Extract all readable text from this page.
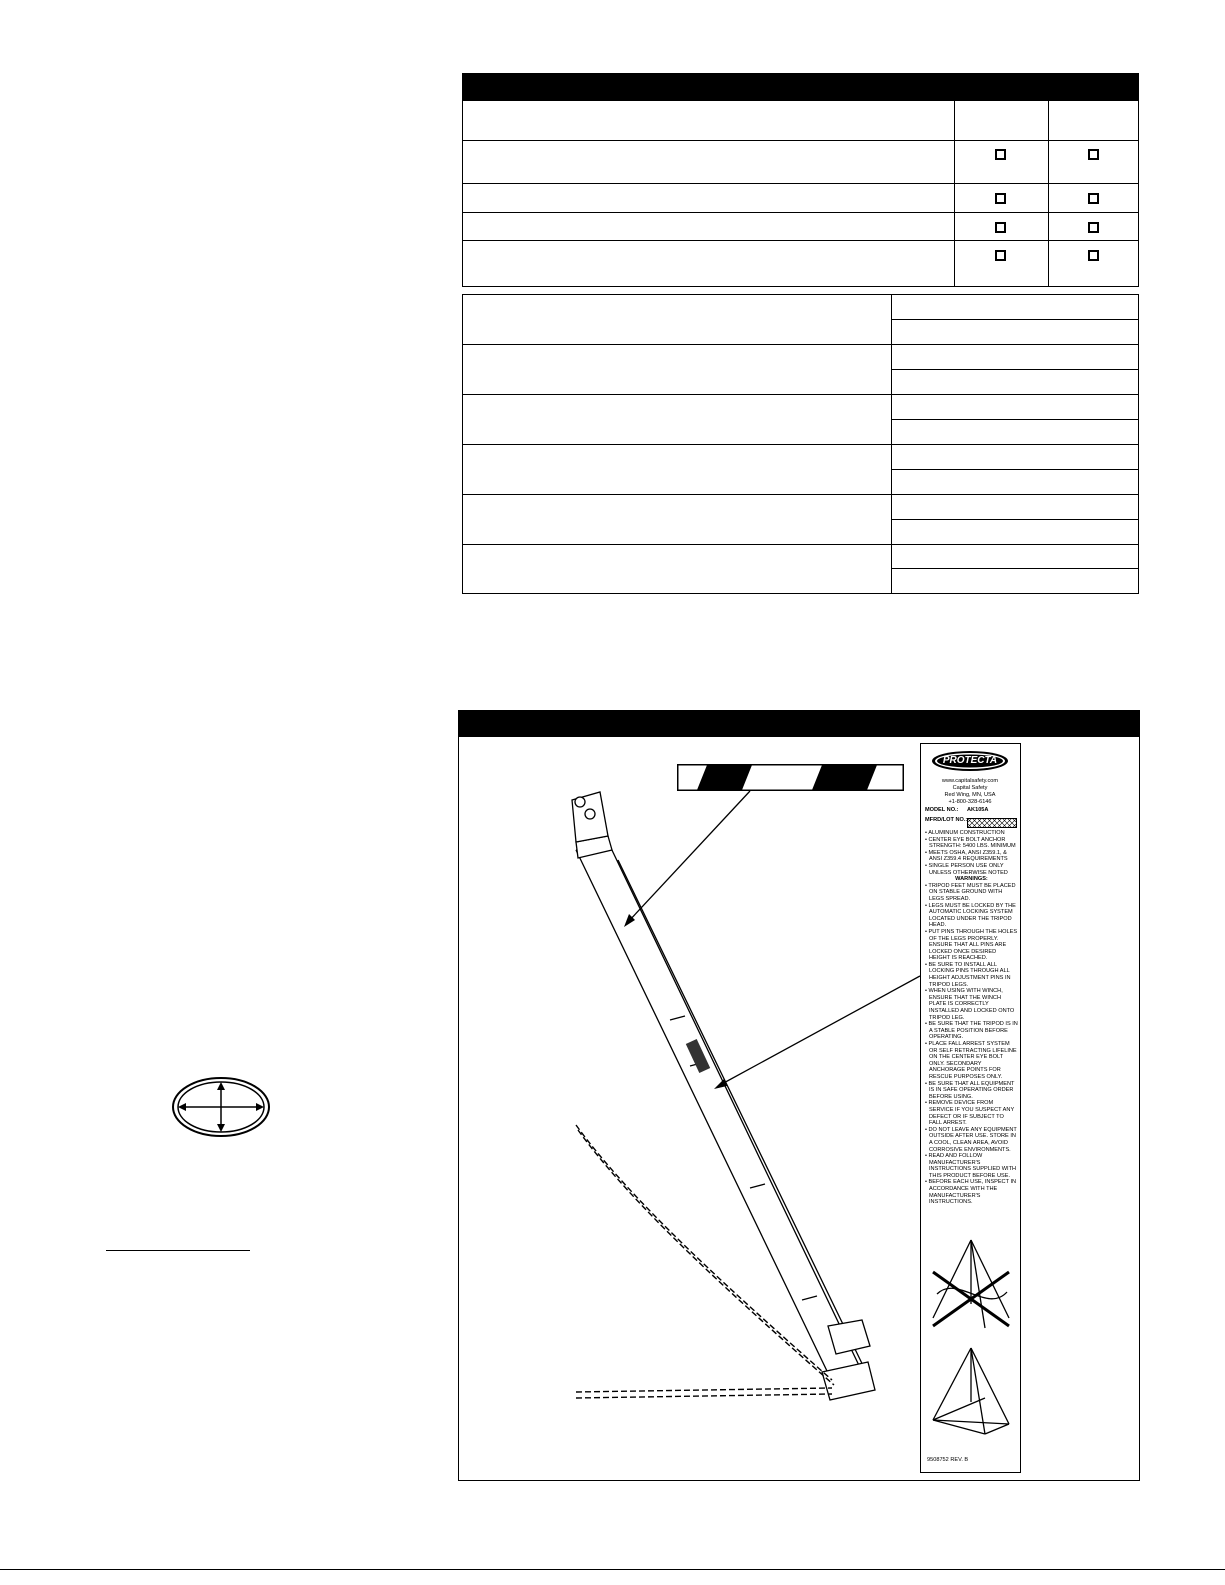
PROTECTA
www.capitalsafety.com
Capital Safety
Red Wing, MN, USA
+1-800-328-6146
MODEL NO.: AK105A
MFRD/LOT NO.:
• ALUMINUM CONSTRUCTION
• CENTER EYE BOLT ANCHOR STRENGTH: 5400 LBS. MINIMUM
• MEETS OSHA, ANSI Z359.1, & ANSI Z359.4 REQUIREMENTS
• SINGLE PERSON USE ONLY UNLESS OTHERWISE NOTED
WARNINGS:
• TRIPOD FEET MUST BE PLACED ON STABLE GROUND WITH LEGS SPREAD.
• LEGS MUST BE LOCKED BY THE AUTOMATIC LOCKING SYSTEM LOCATED UNDER THE TRIPOD HEAD.
• PUT PINS THROUGH THE HOLES OF THE LEGS PROPERLY. ENSURE THAT ALL PINS ARE LOCKED ONCE DESIRED HEIGHT IS REACHED.
• BE SURE TO INSTALL ALL LOCKING PINS THROUGH ALL HEIGHT ADJUSTMENT PINS IN TRIPOD LEGS.
• WHEN USING WITH WINCH, ENSURE THAT THE WINCH PLATE IS CORRECTLY INSTALLED AND LOCKED ONTO TRIPOD LEG.
• BE SURE THAT THE TRIPOD IS IN A STABLE POSITION BEFORE OPERATING.
• PLACE FALL ARREST SYSTEM OR SELF RETRACTING LIFELINE ON THE CENTER EYE BOLT ONLY. SECONDARY ANCHORAGE POINTS FOR RESCUE PURPOSES ONLY.
• BE SURE THAT ALL EQUIPMENT IS IN SAFE OPERATING ORDER BEFORE USING.
• REMOVE DEVICE FROM SERVICE IF YOU SUSPECT ANY DEFECT OR IF SUBJECT TO FALL ARREST.
• DO NOT LEAVE ANY EQUIPMENT OUTSIDE AFTER USE. STORE IN A COOL, CLEAN AREA, AVOID CORROSIVE ENVIRONMENTS.
• READ AND FOLLOW MANUFACTURER'S INSTRUCTIONS SUPPLIED WITH THIS PRODUCT BEFORE USE.
• BEFORE EACH USE, INSPECT IN ACCORDANCE WITH THE MANUFACTURER'S INSTRUCTIONS.
9508752 REV. B
